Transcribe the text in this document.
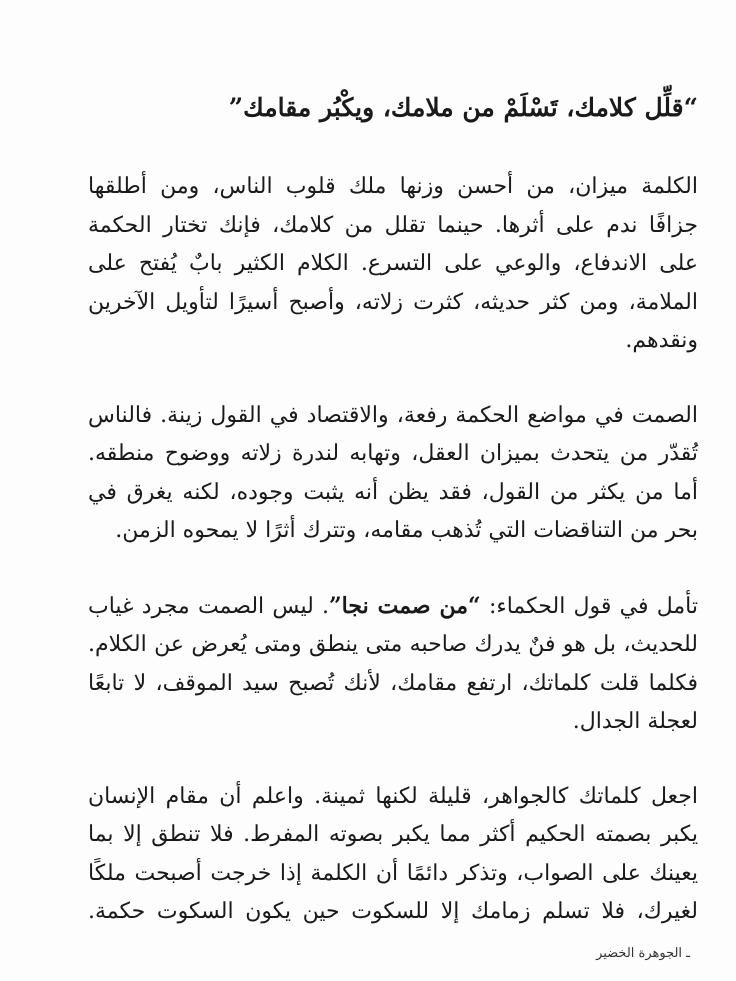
“قلِّل كلامك، تَسْلَمْ من ملامك، ويكْبُر مقامك”

الكلمة ميزان، من أحسن وزنها ملك قلوب الناس، ومن أطلقها جزافًا ندم على أثرها. حينما تقلل من كلامك، فإنك تختار الحكمة على الاندفاع، والوعي على التسرع. الكلام الكثير بابٌ يُفتح على الملامة، ومن كثر حديثه، كثرت زلاته، وأصبح أسيرًا لتأويل الآخرين ونقدهم.

الصمت في مواضع الحكمة رفعة، والاقتصاد في القول زينة. فالناس تُقدّر من يتحدث بميزان العقل، وتهابه لندرة زلاته ووضوح منطقه. أما من يكثر من القول، فقد يظن أنه يثبت وجوده، لكنه يغرق في بحر من التناقضات التي تُذهب مقامه، وتترك أثرًا لا يمحوه الزمن.

تأمل في قول الحكماء: “من صمت نجا”. ليس الصمت مجرد غياب للحديث، بل هو فنٌ يدرك صاحبه متى ينطق ومتى يُعرض عن الكلام. فكلما قلت كلماتك، ارتفع مقامك، لأنك تُصبح سيد الموقف، لا تابعًا لعجلة الجدال.

اجعل كلماتك كالجواهر، قليلة لكنها ثمينة. واعلم أن مقام الإنسان يكبر بصمته الحكيم أكثر مما يكبر بصوته المفرط. فلا تنطق إلا بما يعينك على الصواب، وتذكر دائمًا أن الكلمة إذا خرجت أصبحت ملكًا لغيرك، فلا تسلم زمامك إلا للسكوت حين يكون السكوت حكمة. ـ الجوهرة الخضير
